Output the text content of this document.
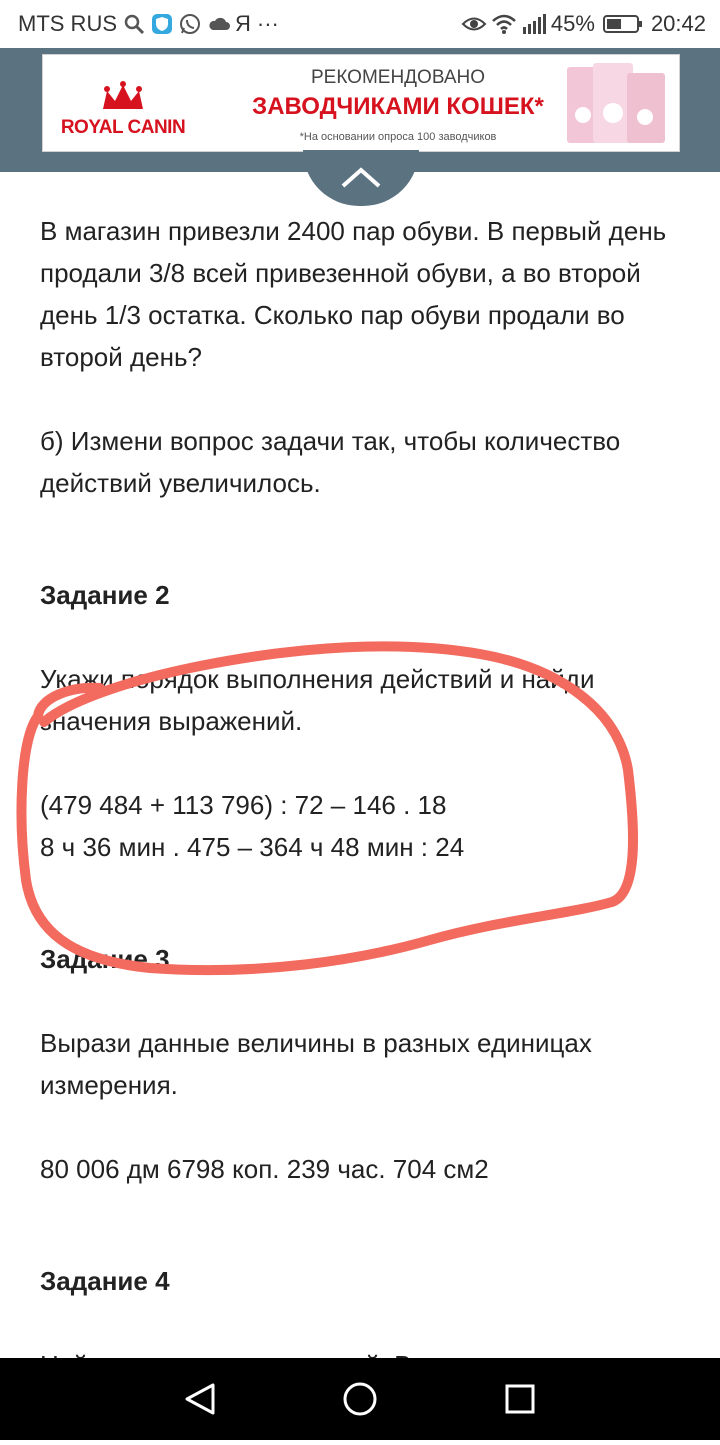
MTS RUS	Я ···	45%	20:42
ROYAL CANIN
РЕКОМЕНДОВАНО
ЗАВОДЧИКАМИ КОШЕК*
*На основании опроса 100 заводчиков
В магазин привезли 2400 пар обуви. В первый день продали 3/8 всей привезенной обуви, а во второй день 1/3 остатка. Сколько пар обуви продали во второй день?
б) Измени вопрос задачи так, чтобы количество действий увеличилось.
Задание 2
Укажи порядок выполнения действий и найди значения выражений.
(479 484 + 113 796) : 72 – 146 . 18
8 ч 36 мин . 475 – 364 ч 48 мин : 24
Задание 3
Вырази данные величины в разных единицах измерения.
80 006 дм 6798 коп. 239 час. 704 см2
Задание 4
